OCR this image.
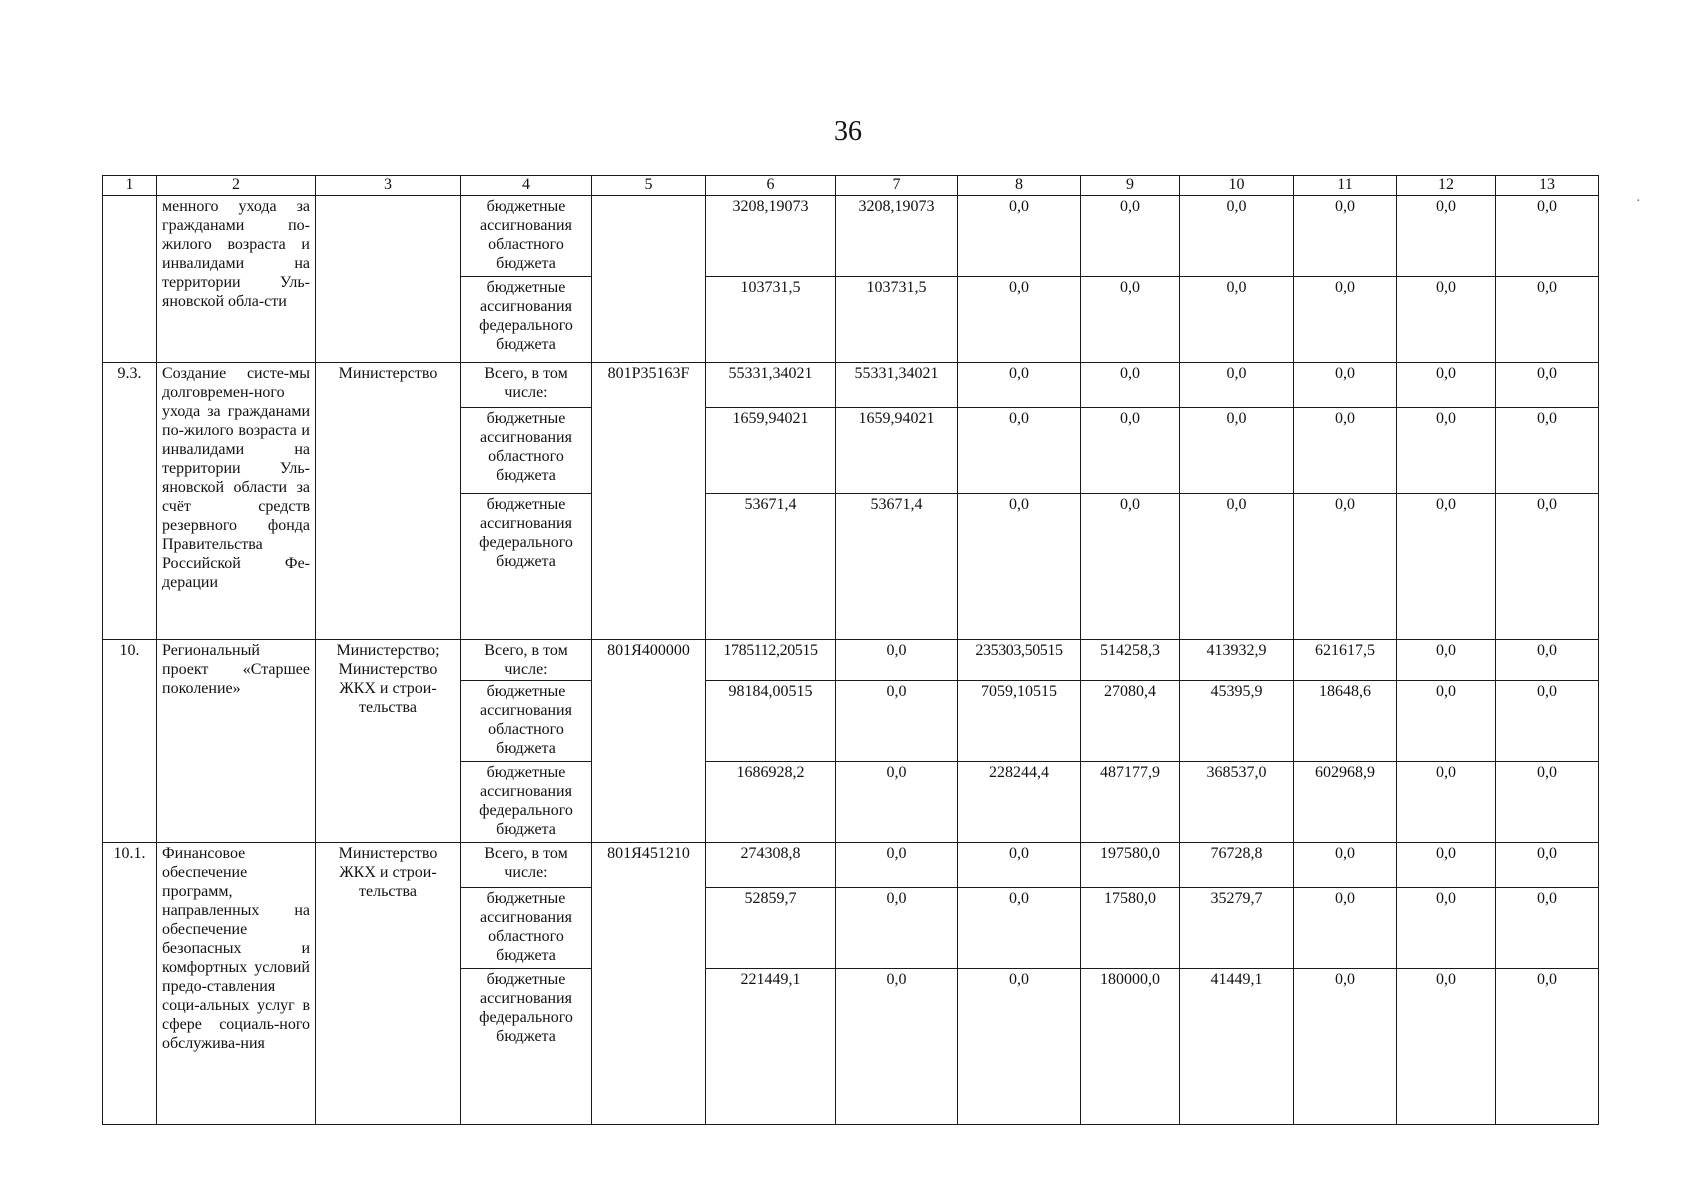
36
·
1	2	3	4	5	6	7	8	9	10	11	12	13
	менного ухода за гражданами по-жилого возраста и инвалидами на территории Уль-яновской обла-сти		бюджетные ассигнования областного бюджета		3208,19073	3208,19073	0,0	0,0	0,0	0,0	0,0	0,0
			бюджетные ассигнования федерального бюджета		103731,5	103731,5	0,0	0,0	0,0	0,0	0,0	0,0
9.3.	Создание систе-мы долговремен-ного ухода за гражданами по-жилого возраста и инвалидами на территории Уль-яновской области за счёт средств резервного фонда Правительства Российской Фе-дерации	Министерство	Всего, в том числе:	801Р35163F	55331,34021	55331,34021	0,0	0,0	0,0	0,0	0,0	0,0
			бюджетные ассигнования областного бюджета		1659,94021	1659,94021	0,0	0,0	0,0	0,0	0,0	0,0
			бюджетные ассигнования федерального бюджета		53671,4	53671,4	0,0	0,0	0,0	0,0	0,0	0,0
10.	Региональный проект «Старшее поколение»	Министерство; Министерство ЖКХ и строи-тельства	Всего, в том числе:	801Я400000	1785112,20515	0,0	235303,50515	514258,3	413932,9	621617,5	0,0	0,0
			бюджетные ассигнования областного бюджета		98184,00515	0,0	7059,10515	27080,4	45395,9	18648,6	0,0	0,0
			бюджетные ассигнования федерального бюджета		1686928,2	0,0	228244,4	487177,9	368537,0	602968,9	0,0	0,0
10.1.	Финансовое обеспечение программ, направленных на обеспечение безопасных и комфортных условий предо-ставления соци-альных услуг в сфере социаль-ного обслужива-ния	Министерство ЖКХ и строи-тельства	Всего, в том числе:	801Я451210	274308,8	0,0	0,0	197580,0	76728,8	0,0	0,0	0,0
			бюджетные ассигнования областного бюджета		52859,7	0,0	0,0	17580,0	35279,7	0,0	0,0	0,0
			бюджетные ассигнования федерального бюджета		221449,1	0,0	0,0	180000,0	41449,1	0,0	0,0	0,0
